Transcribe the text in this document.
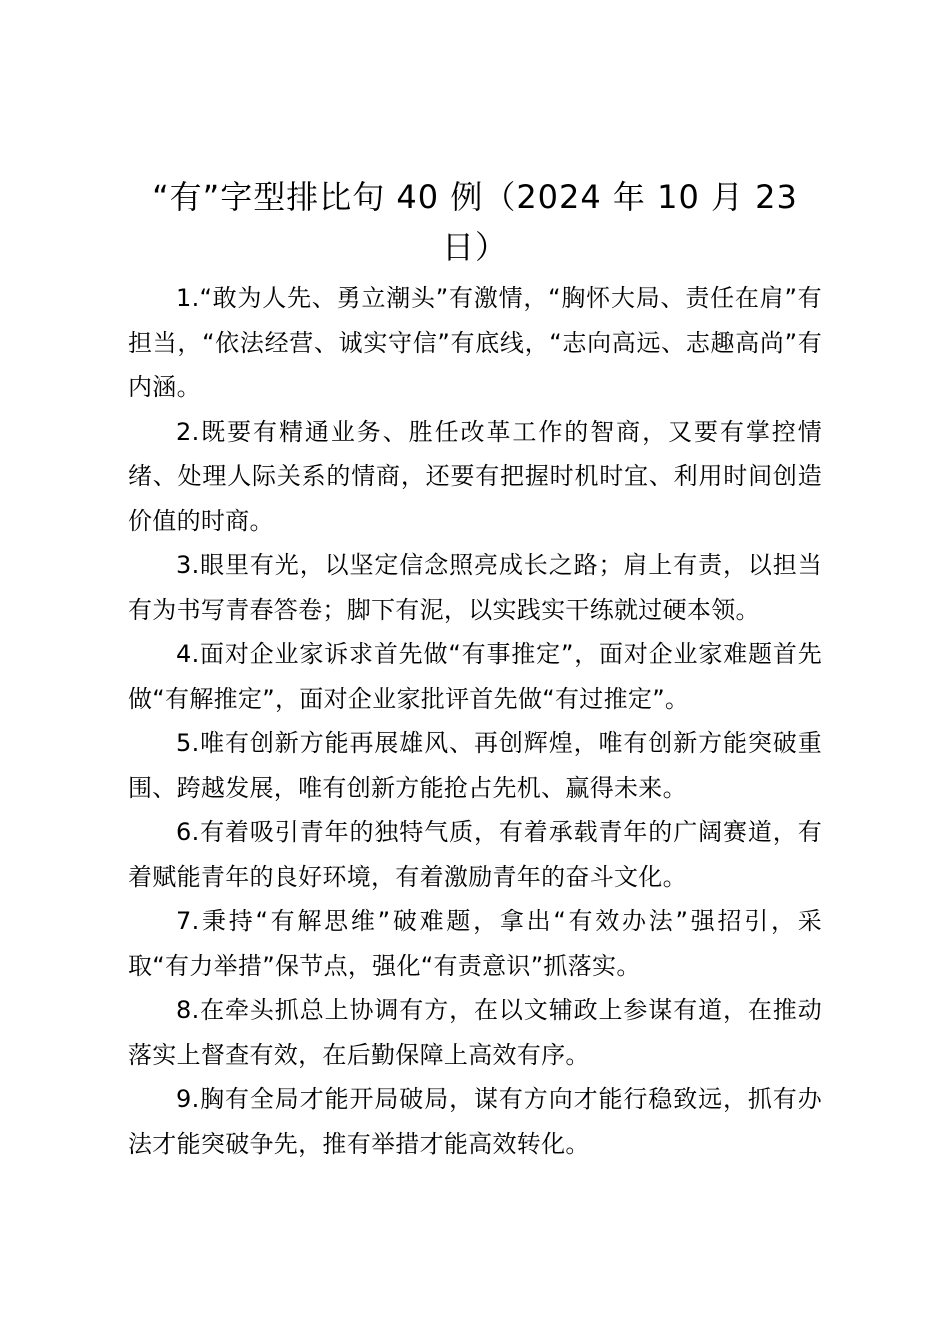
“有”字型排比句 40 例（2024 年 10 月 23 日）

1.“敢为人先、勇立潮头”有激情，“胸怀大局、责任在肩”有担当，“依法经营、诚实守信”有底线，“志向高远、志趣高尚”有内涵。

2.既要有精通业务、胜任改革工作的智商，又要有掌控情绪、处理人际关系的情商，还要有把握时机时宜、利用时间创造价值的时商。

3.眼里有光，以坚定信念照亮成长之路；肩上有责，以担当有为书写青春答卷；脚下有泥，以实践实干练就过硬本领。

4.面对企业家诉求首先做“有事推定”，面对企业家难题首先做“有解推定”，面对企业家批评首先做“有过推定”。

5.唯有创新方能再展雄风、再创辉煌，唯有创新方能突破重围、跨越发展，唯有创新方能抢占先机、赢得未来。

6.有着吸引青年的独特气质，有着承载青年的广阔赛道，有着赋能青年的良好环境，有着激励青年的奋斗文化。

7.秉持“有解思维”破难题，拿出“有效办法”强招引，采取“有力举措”保节点，强化“有责意识”抓落实。

8.在牵头抓总上协调有方，在以文辅政上参谋有道，在推动落实上督查有效，在后勤保障上高效有序。

9.胸有全局才能开局破局，谋有方向才能行稳致远，抓有办法才能突破争先，推有举措才能高效转化。
